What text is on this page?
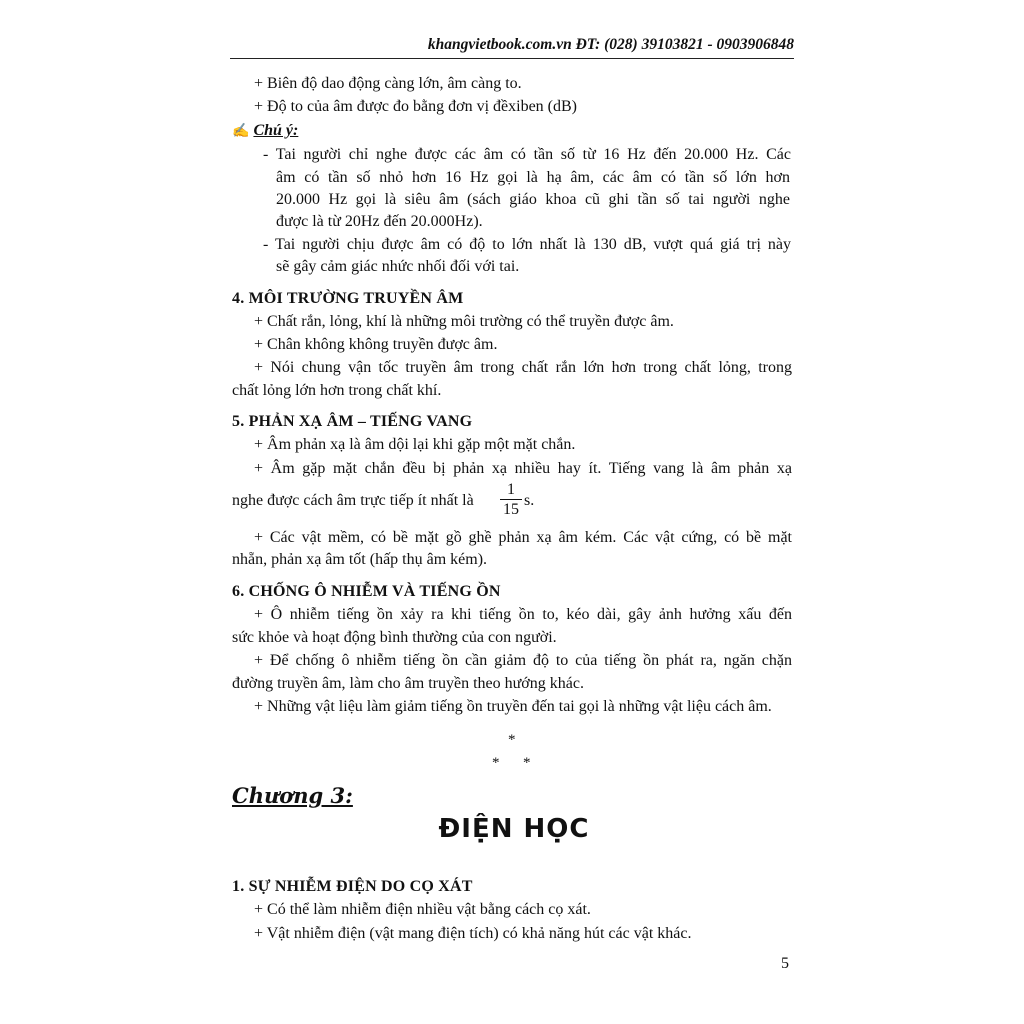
khangvietbook.com.vn ĐT: (028) 39103821 - 0903906848
+ Biên độ dao động càng lớn, âm càng to.
+ Độ to của âm được đo bằng đơn vị đềxiben (dB)
✍ Chú ý:
- Tai người chỉ nghe được các âm có tần số từ 16 Hz đến 20.000 Hz. Các
âm có tần số nhỏ hơn 16 Hz gọi là hạ âm, các âm có tần số lớn hơn
20.000 Hz gọi là siêu âm (sách giáo khoa cũ ghi tần số tai người nghe
được là từ 20Hz đến 20.000Hz).
- Tai người chịu được âm có độ to lớn nhất là 130 dB, vượt quá giá trị này
sẽ gây cảm giác nhức nhối đối với tai.
4. MÔI TRƯỜNG TRUYỀN ÂM
+ Chất rắn, lỏng, khí là những môi trường có thể truyền được âm.
+ Chân không không truyền được âm.
+ Nói chung vận tốc truyền âm trong chất rắn lớn hơn trong chất lỏng, trong
chất lỏng lớn hơn trong chất khí.
5. PHẢN XẠ ÂM – TIẾNG VANG
+ Âm phản xạ là âm dội lại khi gặp một mặt chắn.
+ Âm gặp mặt chắn đều bị phản xạ nhiều hay ít. Tiếng vang là âm phản xạ
nghe được cách âm trực tiếp ít nhất là	$\frac{1}{15} s$.
+ Các vật mềm, có bề mặt gồ ghề phản xạ âm kém. Các vật cứng, có bề mặt
nhẵn, phản xạ âm tốt (hấp thụ âm kém).
6. CHỐNG Ô NHIỄM VÀ TIẾNG ỒN
+ Ô nhiễm tiếng ồn xảy ra khi tiếng ồn to, kéo dài, gây ảnh hưởng xấu đến
sức khỏe và hoạt động bình thường của con người.
+ Để chống ô nhiễm tiếng ồn cần giảm độ to của tiếng ồn phát ra, ngăn chặn
đường truyền âm, làm cho âm truyền theo hướng khác.
+ Những vật liệu làm giảm tiếng ồn truyền đến tai gọi là những vật liệu cách âm.
*
* *
Chương 3:
ĐIỆN HỌC
1. SỰ NHIỄM ĐIỆN DO CỌ XÁT
+ Có thể làm nhiễm điện nhiều vật bằng cách cọ xát.
+ Vật nhiễm điện (vật mang điện tích) có khả năng hút các vật khác.
5
